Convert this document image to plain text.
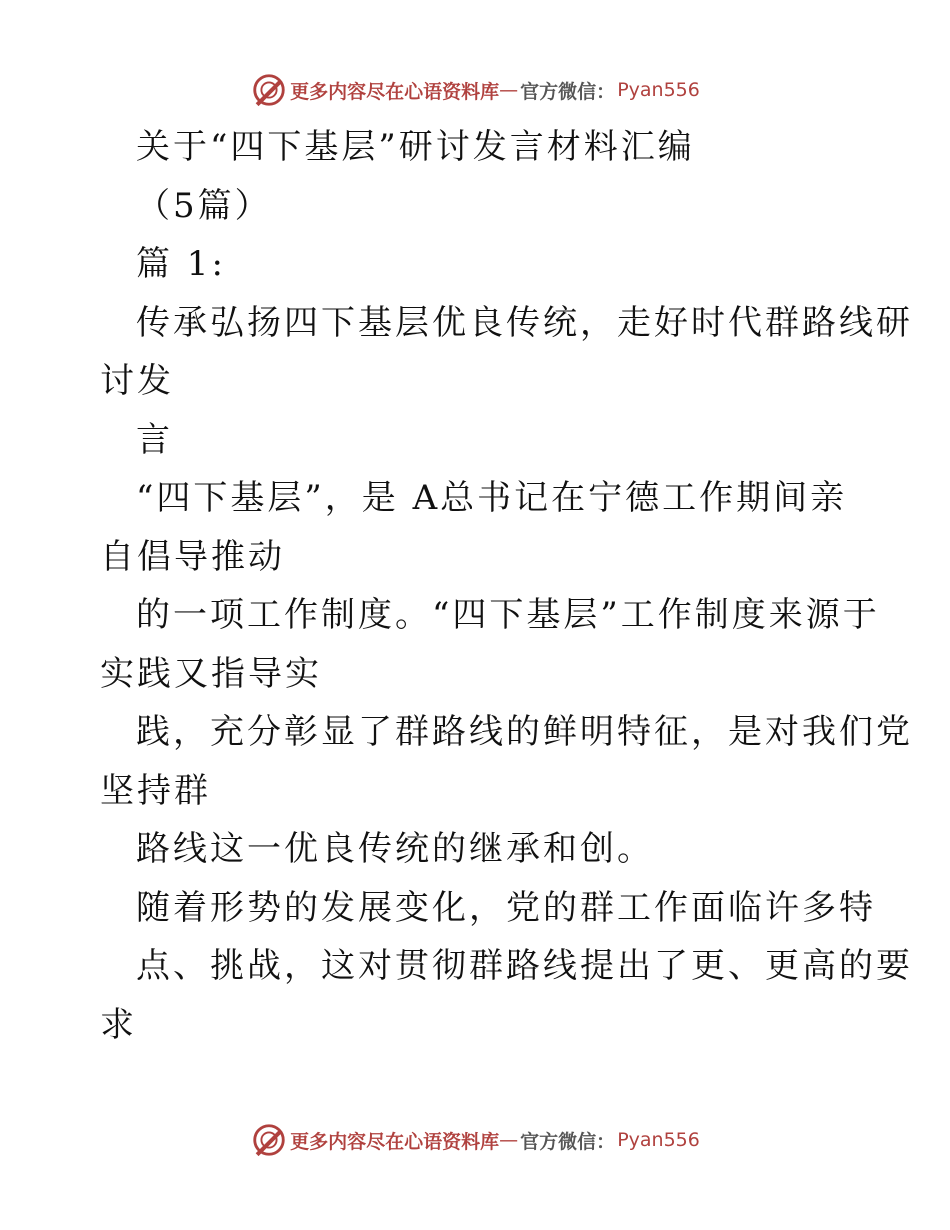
更多内容尽在心语资料库 — 官方微信： Pyan556
关于“四下基层”研讨发言材料汇编
（5篇）
篇 1:
传承弘扬四下基层优良传统，走好时代群路线研
讨发
言
“四下基层”，是 A总书记在宁德工作期间亲
自倡导推动
的一项工作制度。“四下基层”工作制度来源于
实践又指导实
践，充分彰显了群路线的鲜明特征，是对我们党
坚持群
路线这一优良传统的继承和创。
随着形势的发展变化，党的群工作面临许多特
点、挑战，这对贯彻群路线提出了更、更高的要
求
更多内容尽在心语资料库 — 官方微信： Pyan556
